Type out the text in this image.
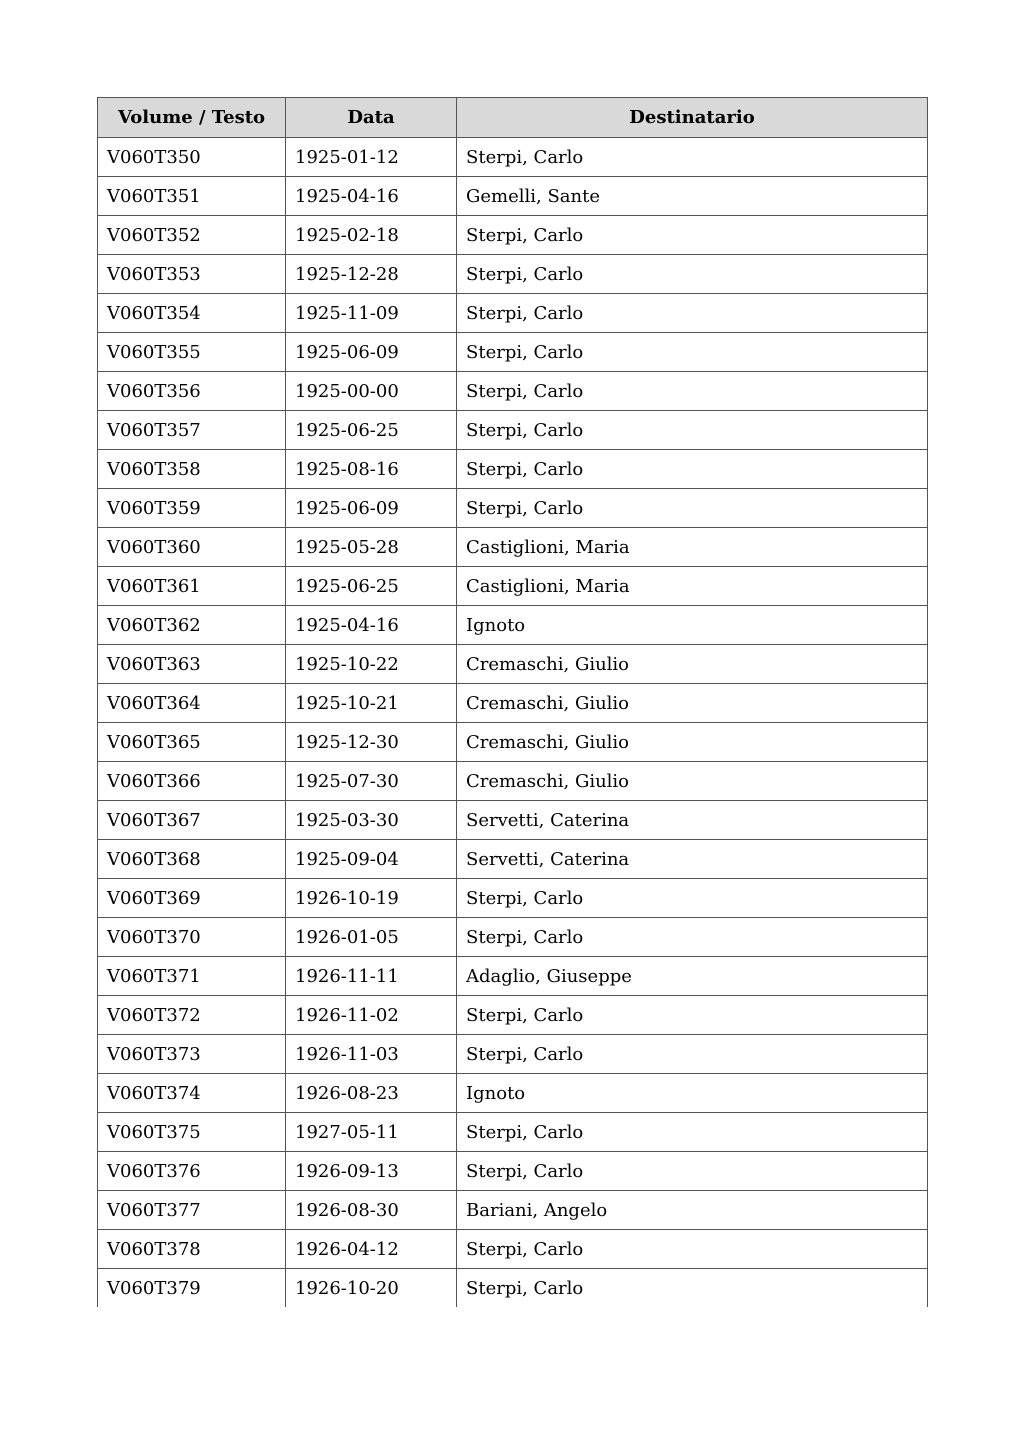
Volume / Testo	Data	Destinatario
V060T350	1925-01-12	Sterpi, Carlo
V060T351	1925-04-16	Gemelli, Sante
V060T352	1925-02-18	Sterpi, Carlo
V060T353	1925-12-28	Sterpi, Carlo
V060T354	1925-11-09	Sterpi, Carlo
V060T355	1925-06-09	Sterpi, Carlo
V060T356	1925-00-00	Sterpi, Carlo
V060T357	1925-06-25	Sterpi, Carlo
V060T358	1925-08-16	Sterpi, Carlo
V060T359	1925-06-09	Sterpi, Carlo
V060T360	1925-05-28	Castiglioni, Maria
V060T361	1925-06-25	Castiglioni, Maria
V060T362	1925-04-16	Ignoto
V060T363	1925-10-22	Cremaschi, Giulio
V060T364	1925-10-21	Cremaschi, Giulio
V060T365	1925-12-30	Cremaschi, Giulio
V060T366	1925-07-30	Cremaschi, Giulio
V060T367	1925-03-30	Servetti, Caterina
V060T368	1925-09-04	Servetti, Caterina
V060T369	1926-10-19	Sterpi, Carlo
V060T370	1926-01-05	Sterpi, Carlo
V060T371	1926-11-11	Adaglio, Giuseppe
V060T372	1926-11-02	Sterpi, Carlo
V060T373	1926-11-03	Sterpi, Carlo
V060T374	1926-08-23	Ignoto
V060T375	1927-05-11	Sterpi, Carlo
V060T376	1926-09-13	Sterpi, Carlo
V060T377	1926-08-30	Bariani, Angelo
V060T378	1926-04-12	Sterpi, Carlo
V060T379	1926-10-20	Sterpi, Carlo
